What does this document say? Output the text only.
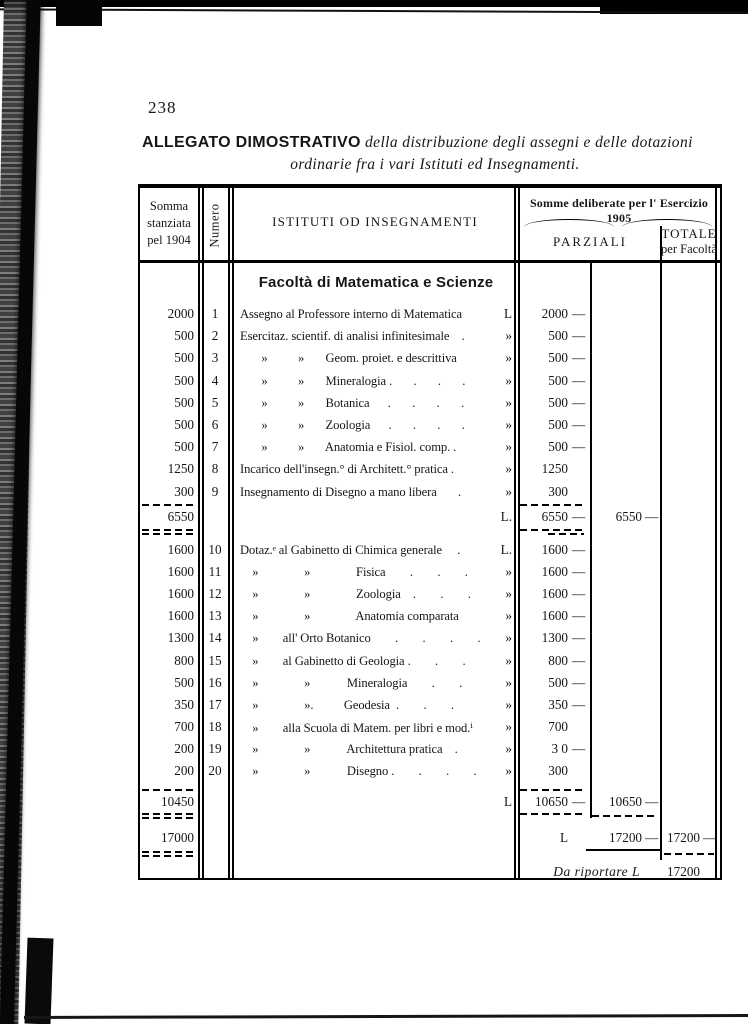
238
ALLEGATO DIMOSTRATIVO della distribuzione degli assegni e delle dotazioni
ordinarie fra i vari Istituti ed Insegnamenti.
Somma
stanziata
pel 1904	Numero	ISTITUTI OD INSEGNAMENTI
Somme deliberate per l' Esercizio 1905
PARZIALI
TOTALE
per Facoltà
Facoltà di Matematica e Scienze
2000	1	Assegno al Professore interno di Matematica	L	2000 —
500	2	Esercitaz. scientif. di analisi infinitesimale    .	»	500 —
500	3	»          »       Geom. proiet. e descrittiva	»	500 —
500	4	»          »       Mineralogia .       .       .       .	»	500 —
500	5	»          »       Botanica      .       .       .       .	»	500 —
500	6	»          »       Zoologia      .       .       .       .	»	500 —
500	7	»          »       Anatomia e Fisiol. comp. .	»	500 —
1250	8	Incarico dell'insegn.° di Architett.° pratica .	»	1250
300	9	Insegnamento di Disegno a mano libera       .	»	300
1600	10	Dotaz.ᵉ al Gabinetto di Chimica generale     .	L.	1600 —
1600	11	»               »               Fisica        .        .        .	»	1600 —
1600	12	»               »               Zoologia    .        .        .	»	1600 —
1600	13	»               »               Anatomia comparata	»	1600 —
1300	14	»        all' Orto Botanico        .        .        .        .	»	1300 —
800	15	»        al Gabinetto di Geologia .        .        .	»	800 —
500	16	»               »            Mineralogia        .        .	»	500 —
350	17	»               ».          Geodesia  .        .        .	»	350 —
700	18	»        alla Scuola di Matem. per libri e mod.ⁱ	»	700
200	19	»               »            Architettura pratica    .	»	3 0 —
200	20	»               »            Disegno .        .        .        .	»	300
6550	L.	6550 —	6550 —
10450	L	10650 —	10650 —
17000	L	17200 — 17200 —
Da riportare L 17200
